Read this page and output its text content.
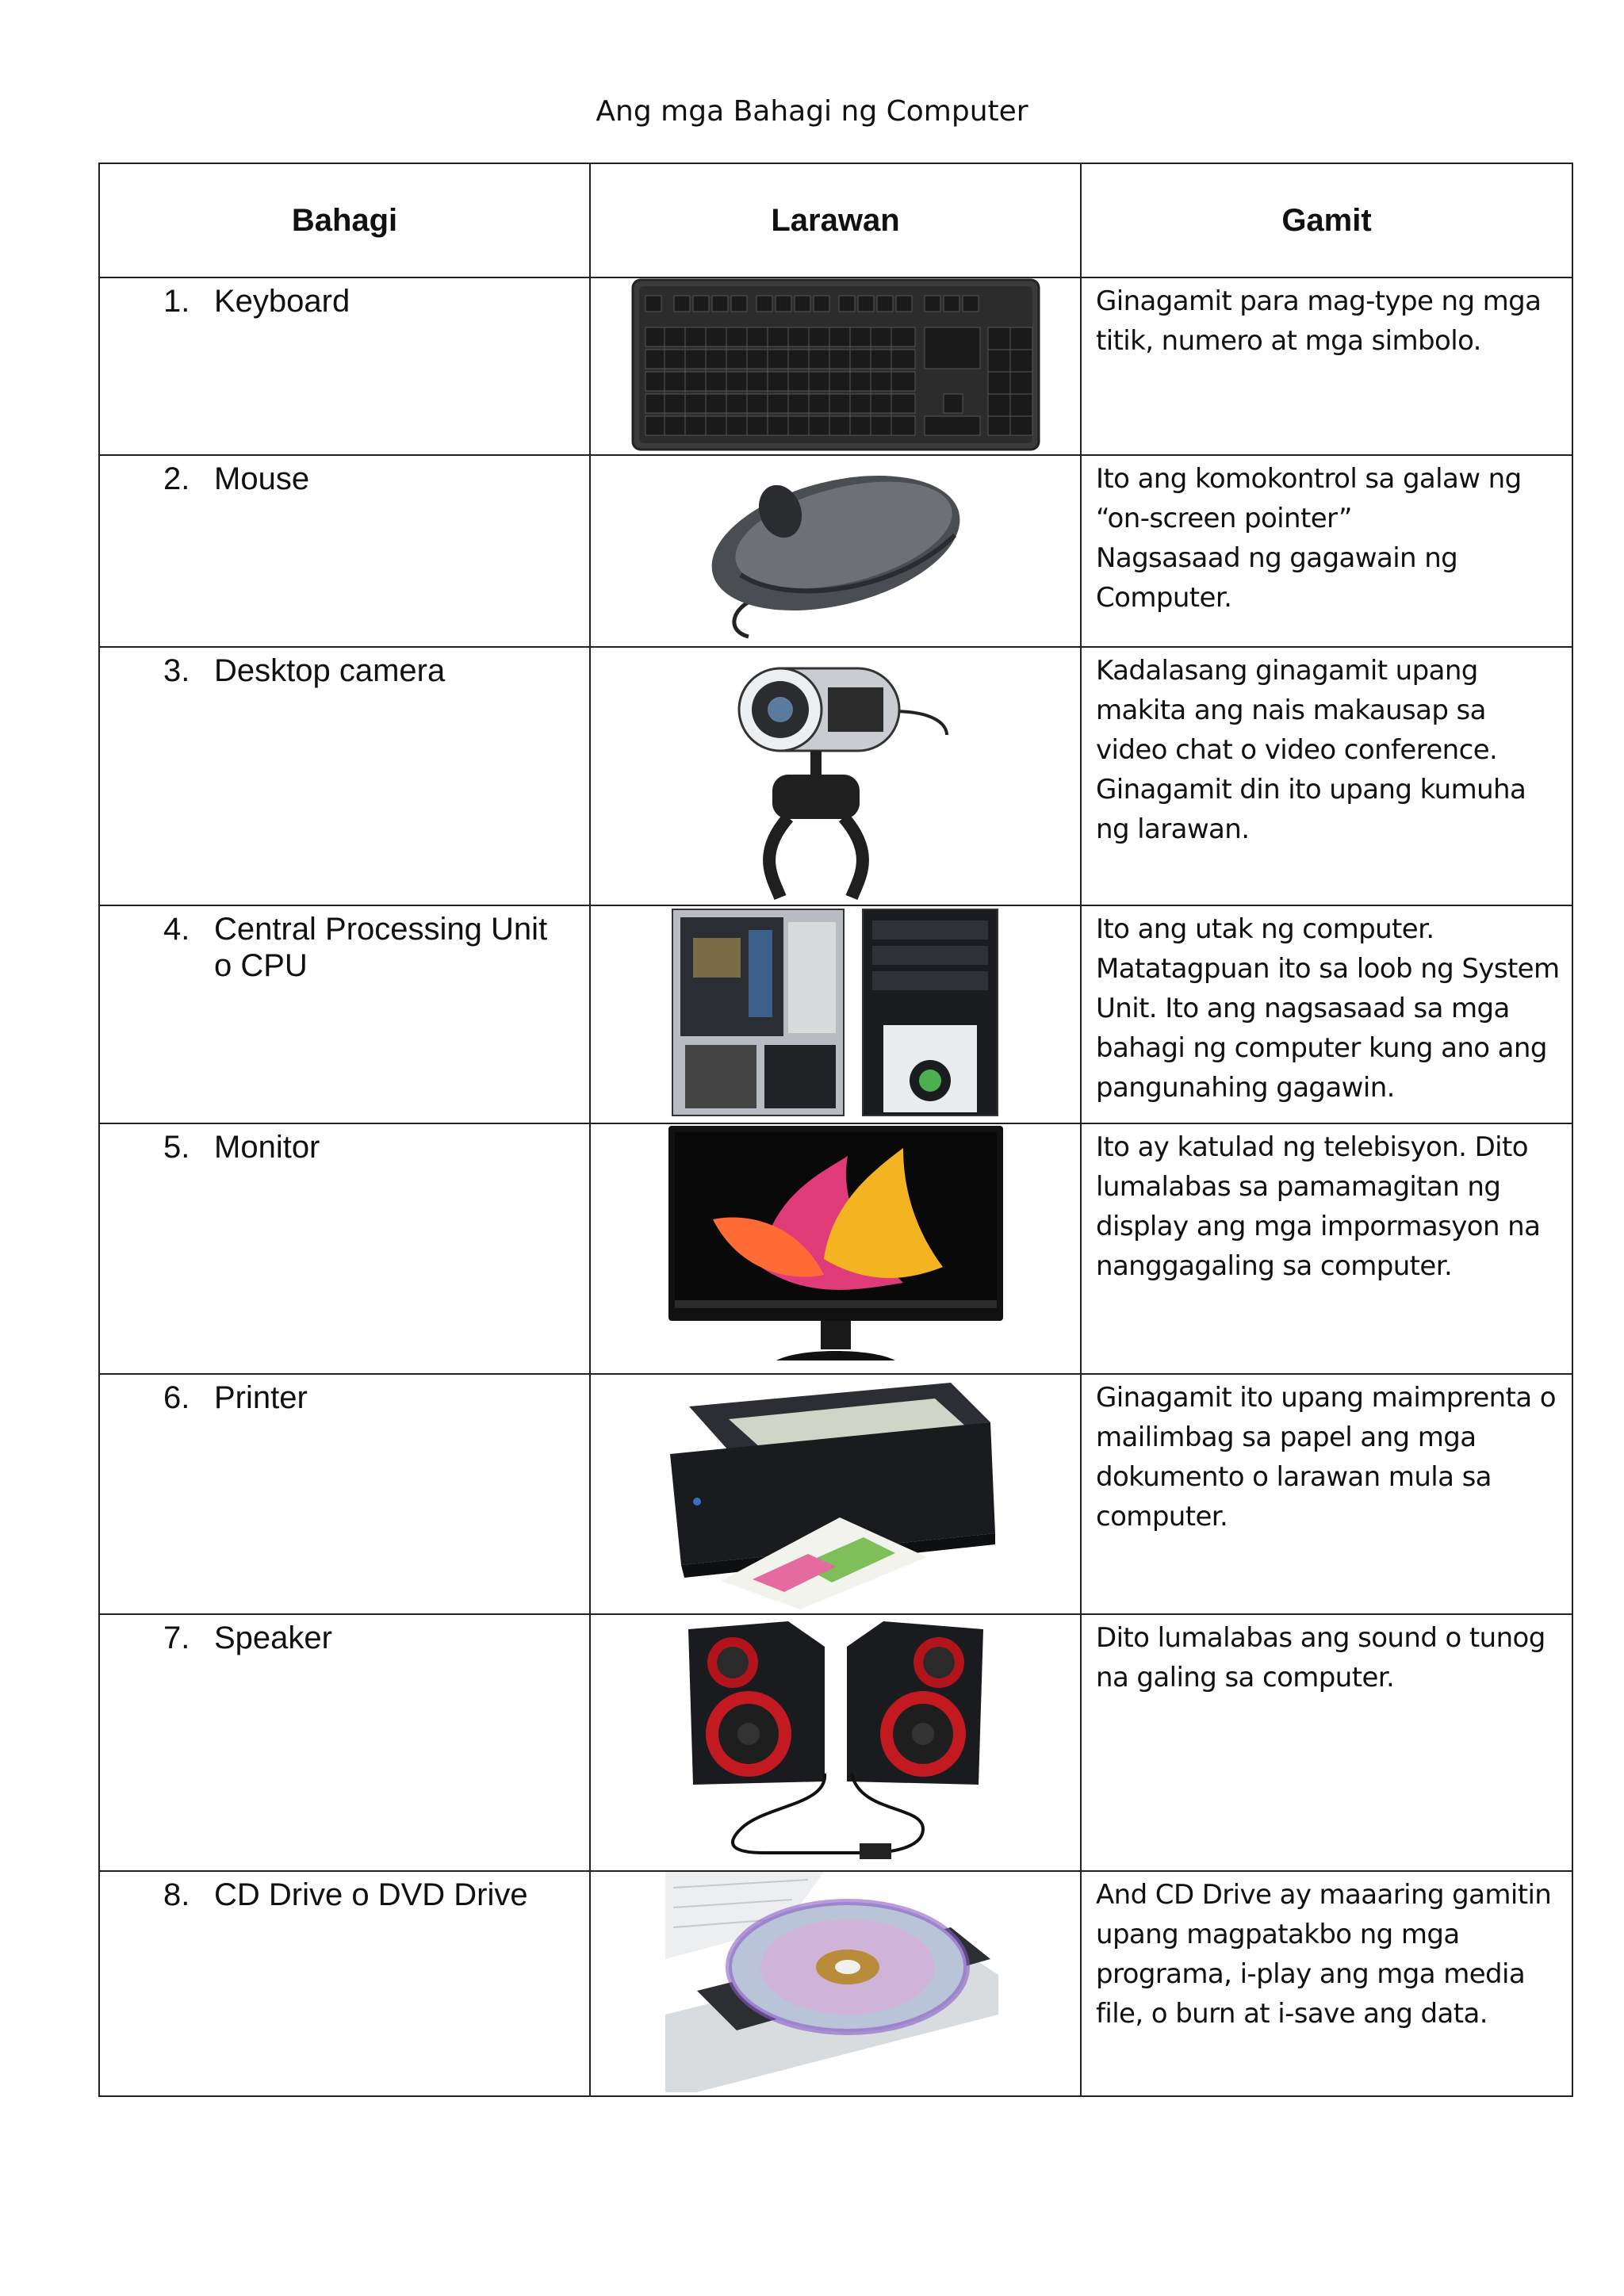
Ang mga Bahagi ng Computer
Bahagi	Larawan	Gamit

1. Keyboard		Ginagamit para mag-type ng mga titik, numero at mga simbolo.

2. Mouse		Ito ang komokontrol sa galaw ng “on-screen pointer”
Nagsasaad ng gagawain ng Computer.

3. Desktop camera		Kadalasang ginagamit upang makita ang nais makausap sa video chat o video conference. Ginagamit din ito upang kumuha ng larawan.

4. Central Processing Unit o CPU		Ito ang utak ng computer. Matatagpuan ito sa loob ng System Unit. Ito ang nagsasaad sa mga bahagi ng computer kung ano ang pangunahing gagawin.

5. Monitor		Ito ay katulad ng telebisyon. Dito lumalabas sa pamamagitan ng display ang mga impormasyon na nanggagaling sa computer.

6. Printer		Ginagamit ito upang maimprenta o mailimbag sa papel ang mga dokumento o larawan mula sa computer.

7. Speaker		Dito lumalabas ang sound o tunog na galing sa computer.

8. CD Drive o DVD Drive		And CD Drive ay maaaring gamitin upang magpatakbo ng mga programa, i-play ang mga media file, o burn at i-save ang data.
